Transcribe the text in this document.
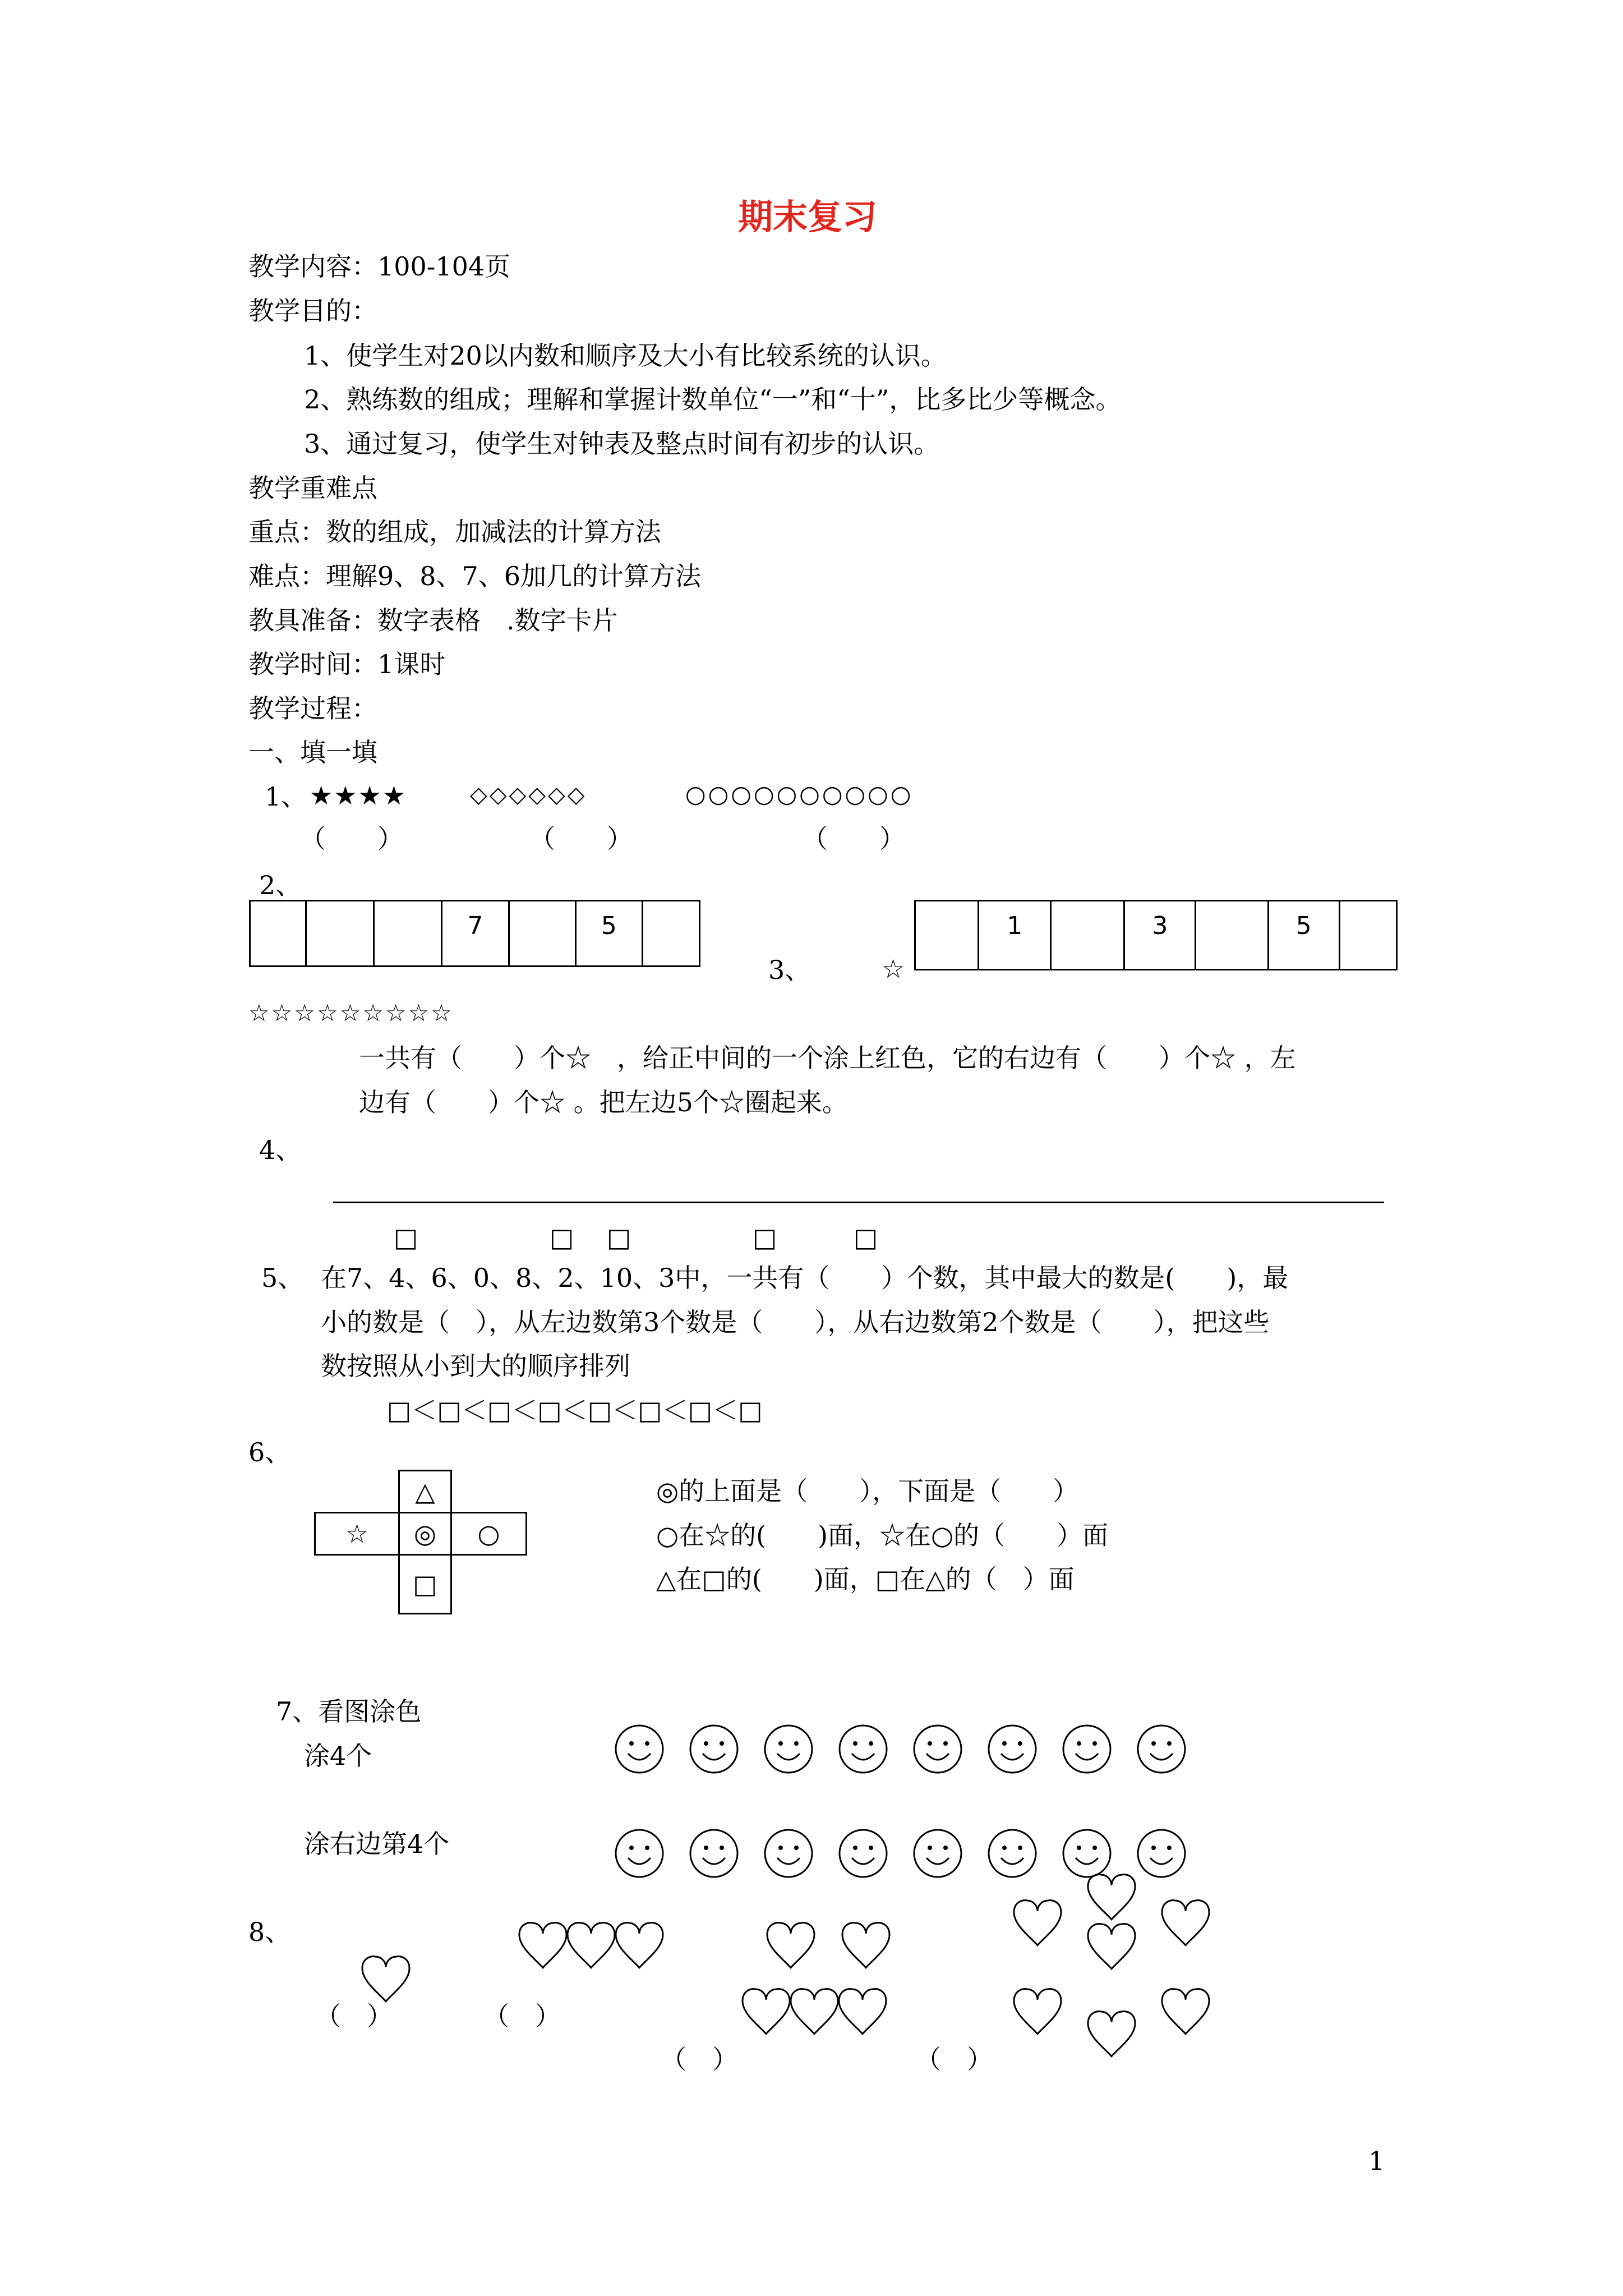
期末复习
教学内容：100-104页
教学目的：
1、使学生对20以内数和顺序及大小有比较系统的认识。
2、熟练数的组成；理解和掌握计数单位“一”和“十”，比多比少等概念。
3、通过复习，使学生对钟表及整点时间有初步的认识。
教学重难点
重点：数的组成，加减法的计算方法
难点：理解9、8、7、6加几的计算方法
教具准备：数字表格　.数字卡片
教学时间：1课时
教学过程：
一、填一填
1、 ★★★★	◇◇◇◇◇◇	○○○○○○○○○○
（　　）	（　　）	（　　）
2、
7	5
3、	☆
1	3	5
☆☆☆☆☆☆☆☆☆
一共有（　　）个☆　，给正中间的一个涂上红色，它的右边有（　　）个☆ ，左
边有（　　）个☆ 。把左边5个☆圈起来。
4、
□	□ □	□	□
5、 在7、4、6、0、8、2、10、3中，一共有（　　）个数，其中最大的数是(　　)，最
小的数是（　），从左边数第3个数是（　　），从右边数第2个数是（　　），把这些
数按照从小到大的顺序排列
□＜□＜□＜□＜□＜□＜□＜□
6、
△
☆	◎	○
□
◎的上面是（　　），下面是（　　）
○在☆的(　　)面，☆在○的（　　）面
△在□的(　　)面，□在△的（　）面
7、看图涂色
涂4个
涂右边第4个
8、
（　）	（　）
（　）	（　）
1
